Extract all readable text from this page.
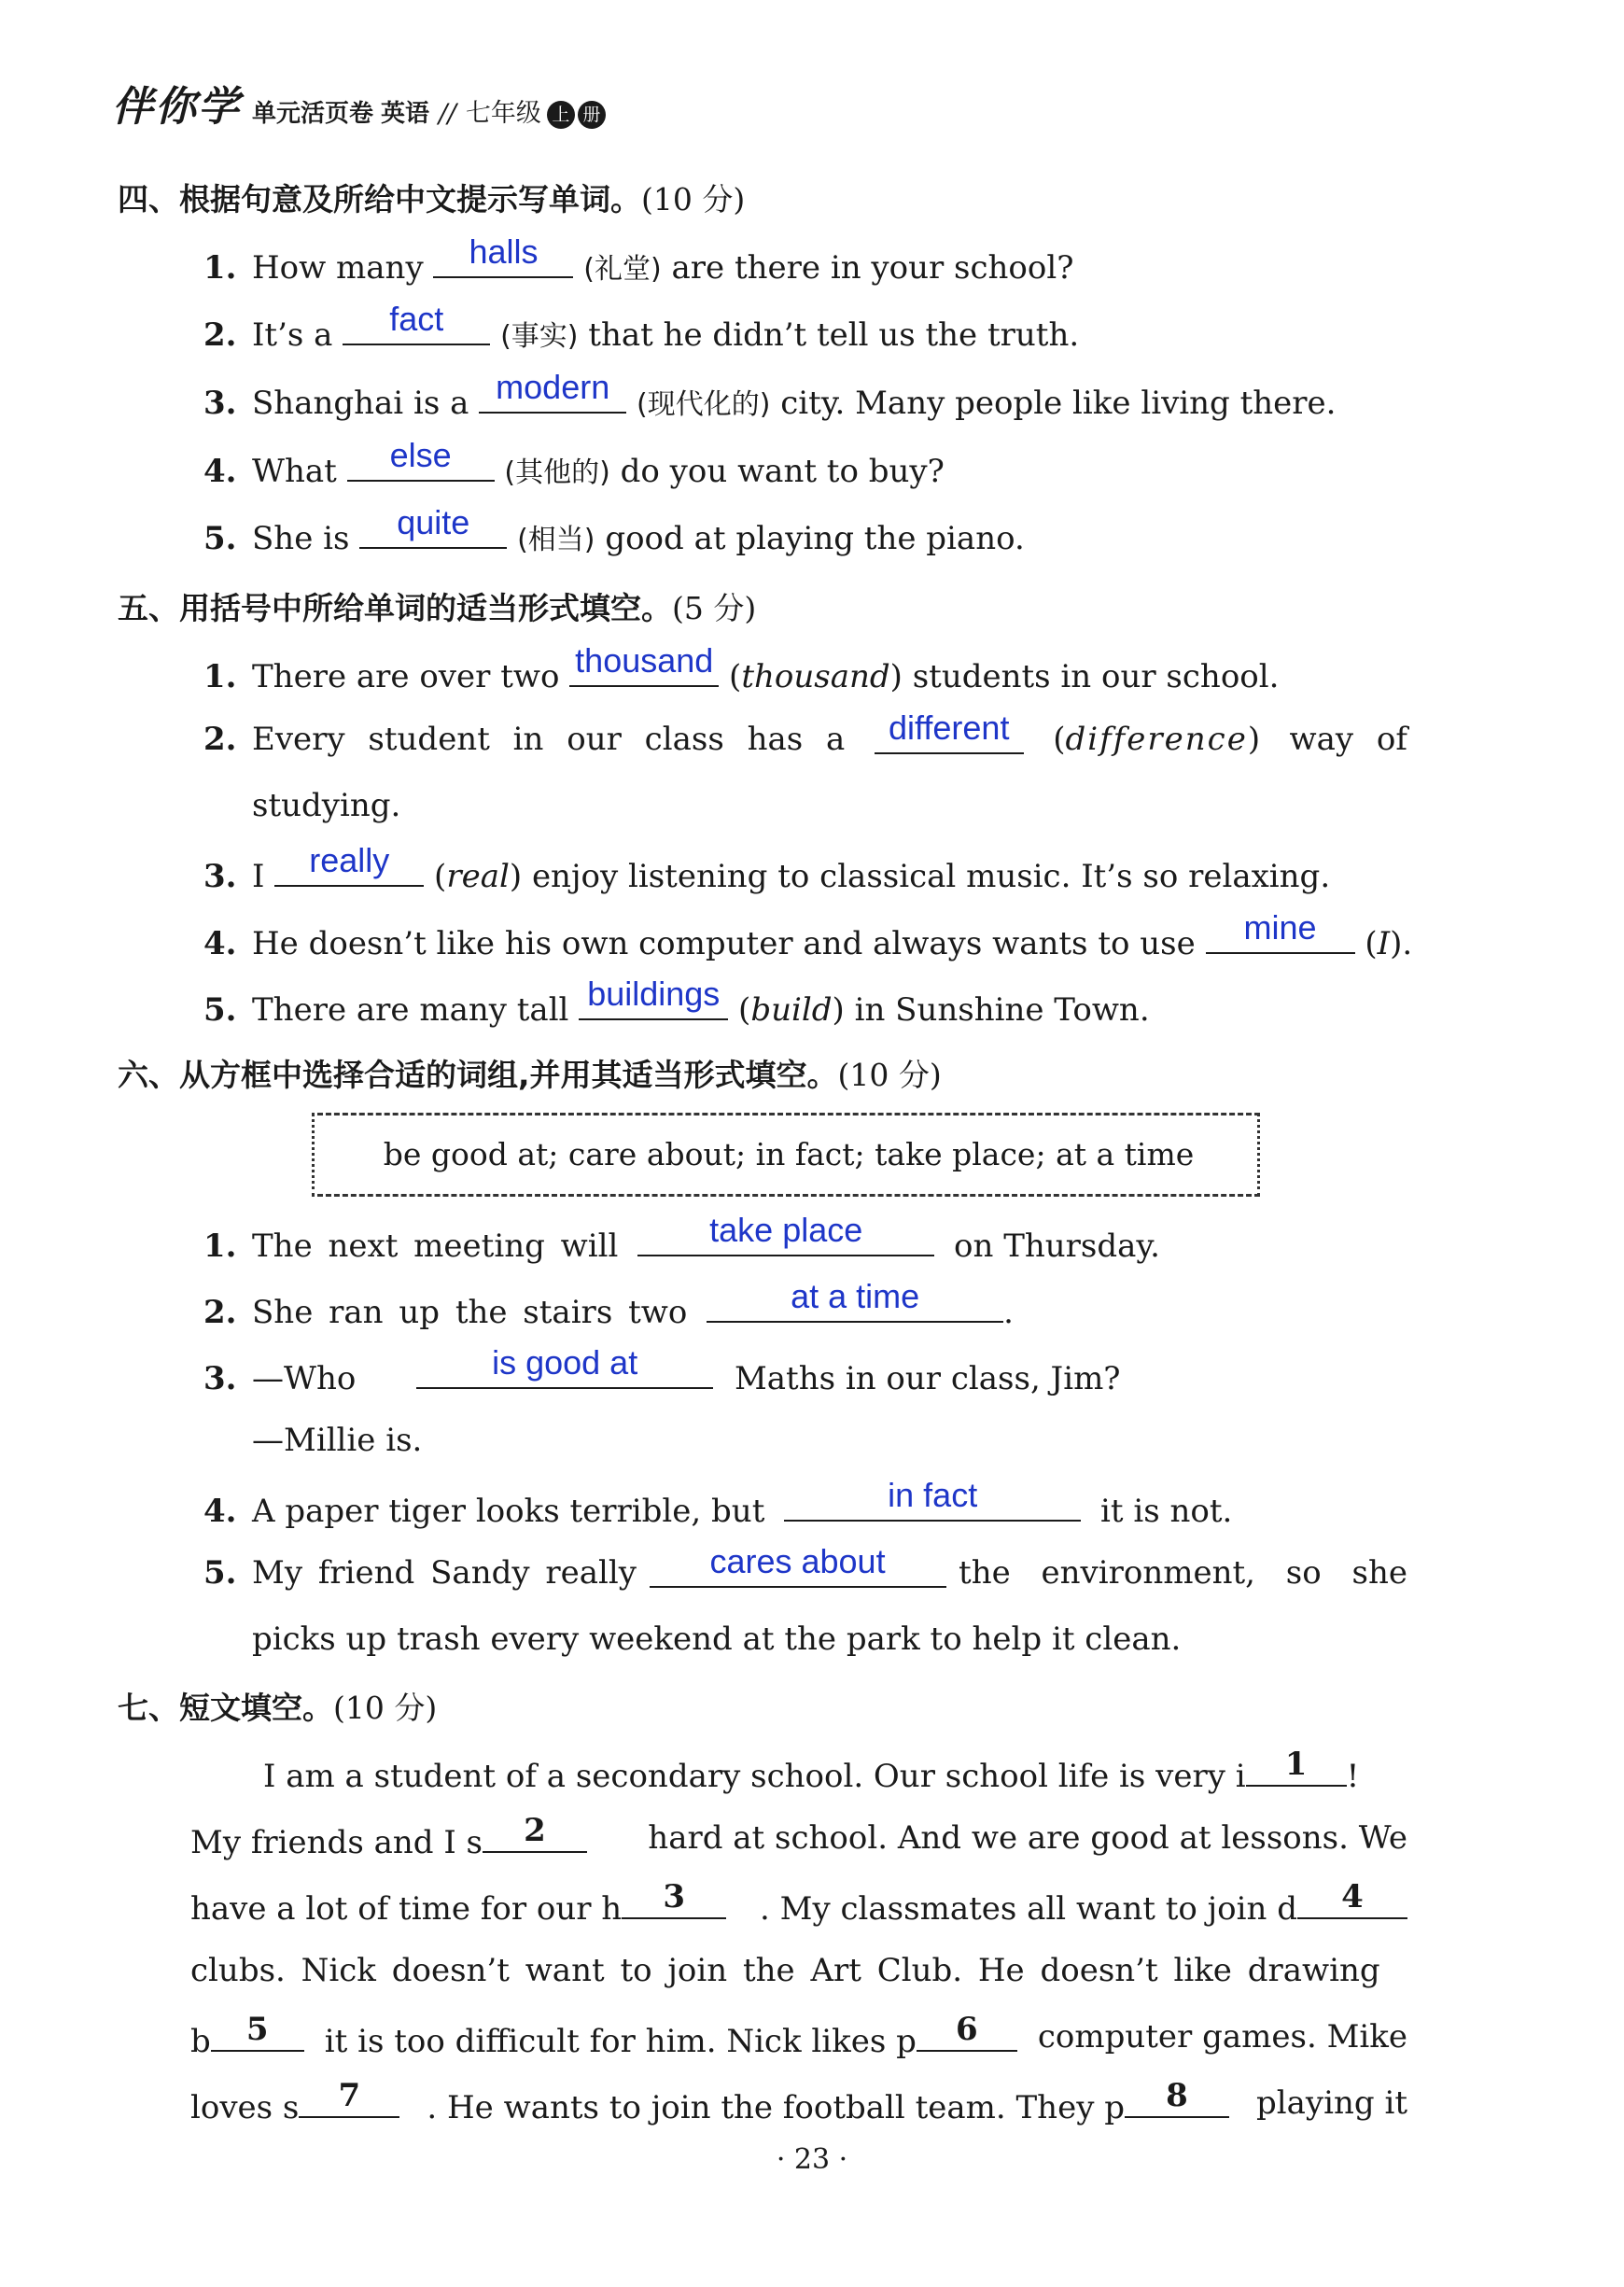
伴你学 单元活页卷 英语 // 七年级 上 册
四、根据句意及所给中文提示写单词。(10 分)
1. How many	halls	(礼堂) are there in your school?
2. It’s a	fact	(事实) that he didn’t tell us the truth.
3. Shanghai is a modern (现代化的) city. Many people like living there.
4. What	else	(其他的) do you want to buy?
5. She is	quite	(相当) good at playing the piano.
五、用括号中所给单词的适当形式填空。(5 分)
1. There are over two thousand (thousand) students in our school.
2. Every student in our class has a	different	(difference) way of
studying.
3. I	really	(real) enjoy listening to classical music. It’s so relaxing.
4. He doesn’t like his own computer and always wants to use	mine	(I).
5. There are many tall buildings (build) in Sunshine Town.
六、从方框中选择合适的词组,并用其适当形式填空。(10 分)
be good at; care about; in fact; take place; at a time
1. The next meeting will	take place	on Thursday.
2. She ran up the stairs two	at a time	.
3. —Who	is good at	Maths in our class, Jim?
—Millie is.
4. A paper tiger looks terrible, but	in fact	it is not.
5. My friend Sandy really	cares about	the environment, so she
picks up trash every weekend at the park to help it clean.
七、短文填空。(10 分)
I am a student of a secondary school. Our school life is very i	1	!
My friends and I s	2	hard at school. And we are good at lessons. We
have a lot of time for our h	3	. My classmates all want to join d	4
clubs. Nick doesn’t want to join the Art Club. He doesn’t like drawing
b	5	it is too difficult for him. Nick likes p	6	computer games. Mike
loves s	7	. He wants to join the football team. They p	8	playing it
· 23 ·
